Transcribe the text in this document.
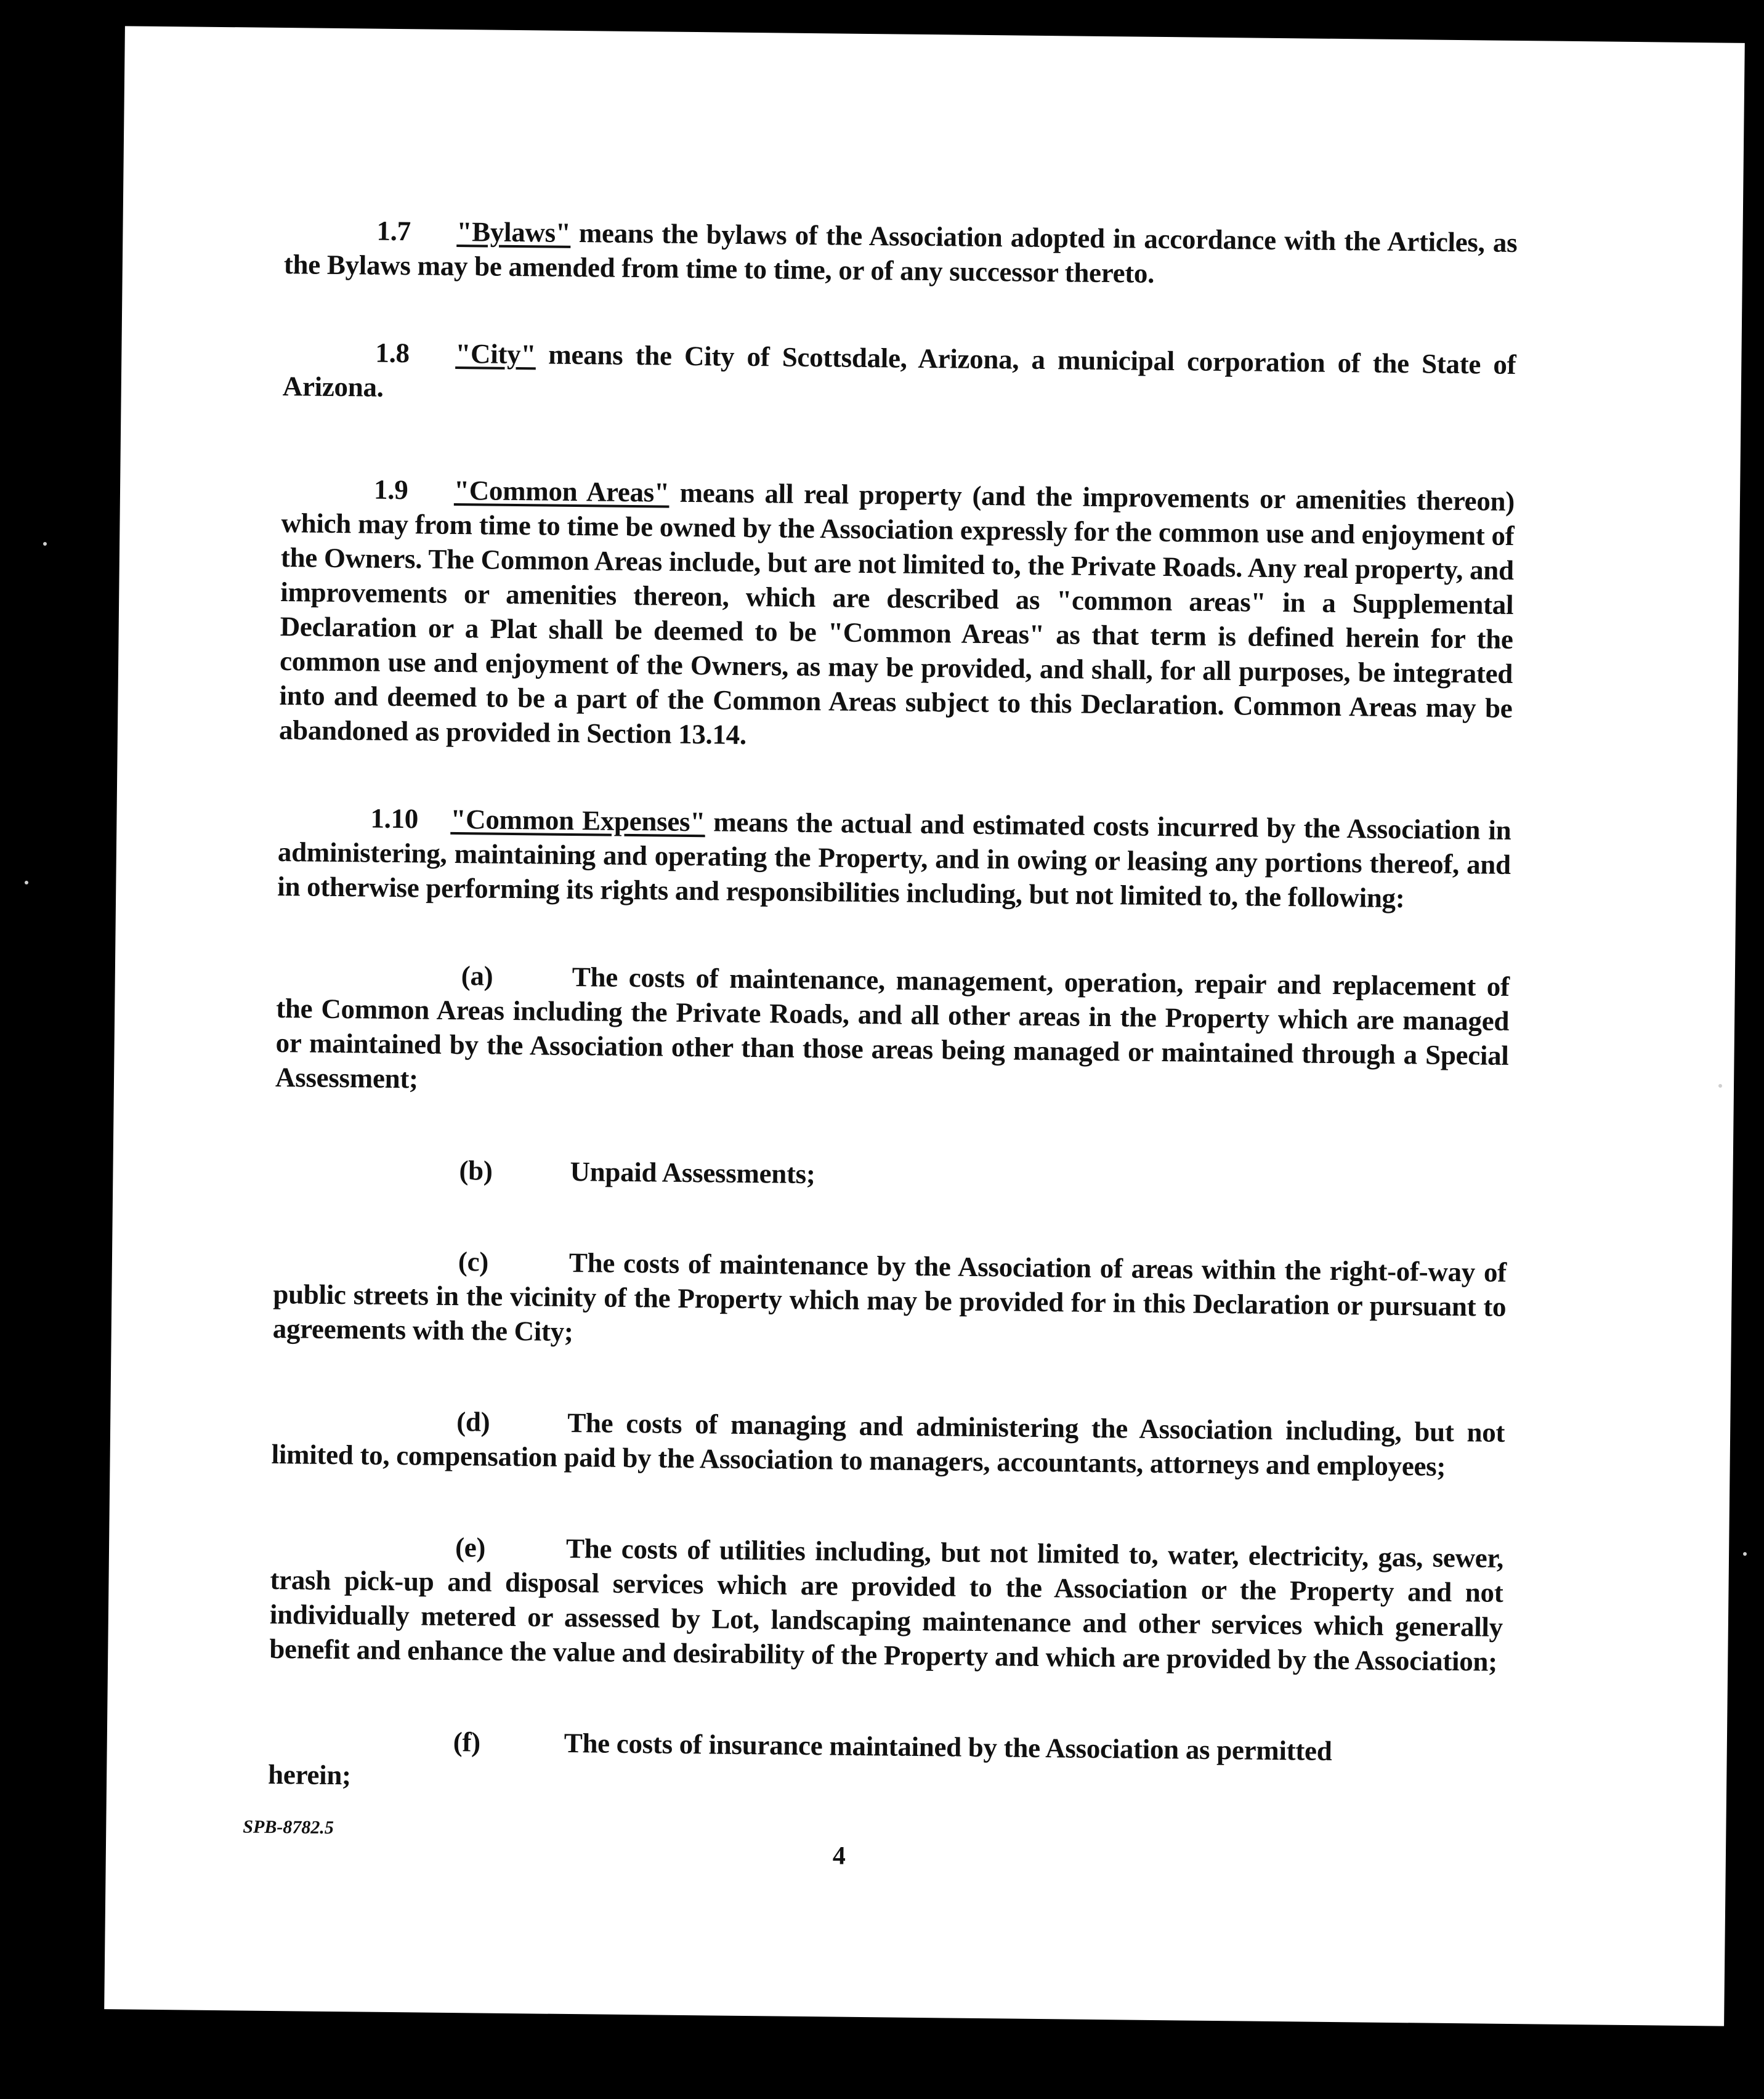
1.7 "Bylaws" means the bylaws of the Association adopted in accordance with the Articles, as the Bylaws may be amended from time to time, or of any successor thereto.

1.8 "City" means the City of Scottsdale, Arizona, a municipal corporation of the State of Arizona.

1.9 "Common Areas" means all real property (and the improvements or amenities thereon) which may from time to time be owned by the Association expressly for the common use and enjoyment of the Owners. The Common Areas include, but are not limited to, the Private Roads. Any real property, and improvements or amenities thereon, which are described as "common areas" in a Supplemental Declaration or a Plat shall be deemed to be "Common Areas" as that term is defined herein for the common use and enjoyment of the Owners, as may be provided, and shall, for all purposes, be integrated into and deemed to be a part of the Common Areas subject to this Declaration. Common Areas may be abandoned as provided in Section 13.14.

1.10 "Common Expenses" means the actual and estimated costs incurred by the Association in administering, maintaining and operating the Property, and in owing or leasing any portions thereof, and in otherwise performing its rights and responsibilities including, but not limited to, the following:

(a)	The costs of maintenance, management, operation, repair and replacement of the Common Areas including the Private Roads, and all other areas in the Property which are managed or maintained by the Association other than those areas being managed or maintained through a Special Assessment;

(b)	Unpaid Assessments;

(c)	The costs of maintenance by the Association of areas within the right-of-way of public streets in the vicinity of the Property which may be provided for in this Declaration or pursuant to agreements with the City;

(d)	The costs of managing and administering the Association including, but not limited to, compensation paid by the Association to managers, accountants, attorneys and employees;

(e)	The costs of utilities including, but not limited to, water, electricity, gas, sewer, trash pick-up and disposal services which are provided to the Association or the Property and not individually metered or assessed by Lot, landscaping maintenance and other services which generally benefit and enhance the value and desirability of the Property and which are provided by the Association;

(f)	The costs of insurance maintained by the Association as permitted
herein;

SPB-8782.5
4
